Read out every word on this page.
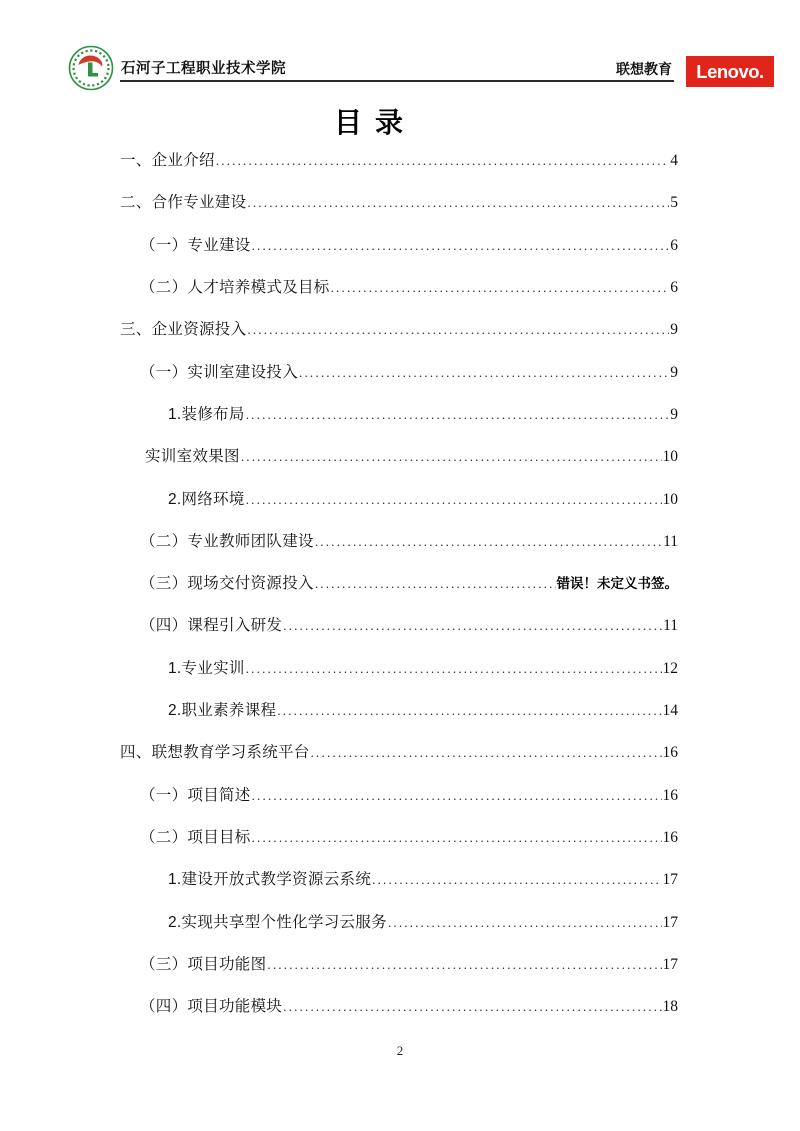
石河子工程职业技术学院	联想教育 Lenovo.
目录
一、企业介绍 .....	4
二、合作专业建设 .....	5
（一）专业建设 .....	6
（二）人才培养模式及目标 .....	6
三、企业资源投入 .....	9
（一）实训室建设投入 .....	9
1.装修布局 .....	9
实训室效果图 .....	10
2.网络环境 .....	10
（二）专业教师团队建设 .....	11
（三）现场交付资源投入 .....	错误！未定义书签。
（四）课程引入研发 .....	11
1.专业实训 .....	12
2.职业素养课程 .....	14
四、联想教育学习系统平台 .....	16
（一）项目简述 .....	16
（二）项目目标 .....	16
1.建设开放式教学资源云系统 .....	17
2.实现共享型个性化学习云服务 .....	17
（三）项目功能图 .....	17
（四）项目功能模块 .....	18
2
